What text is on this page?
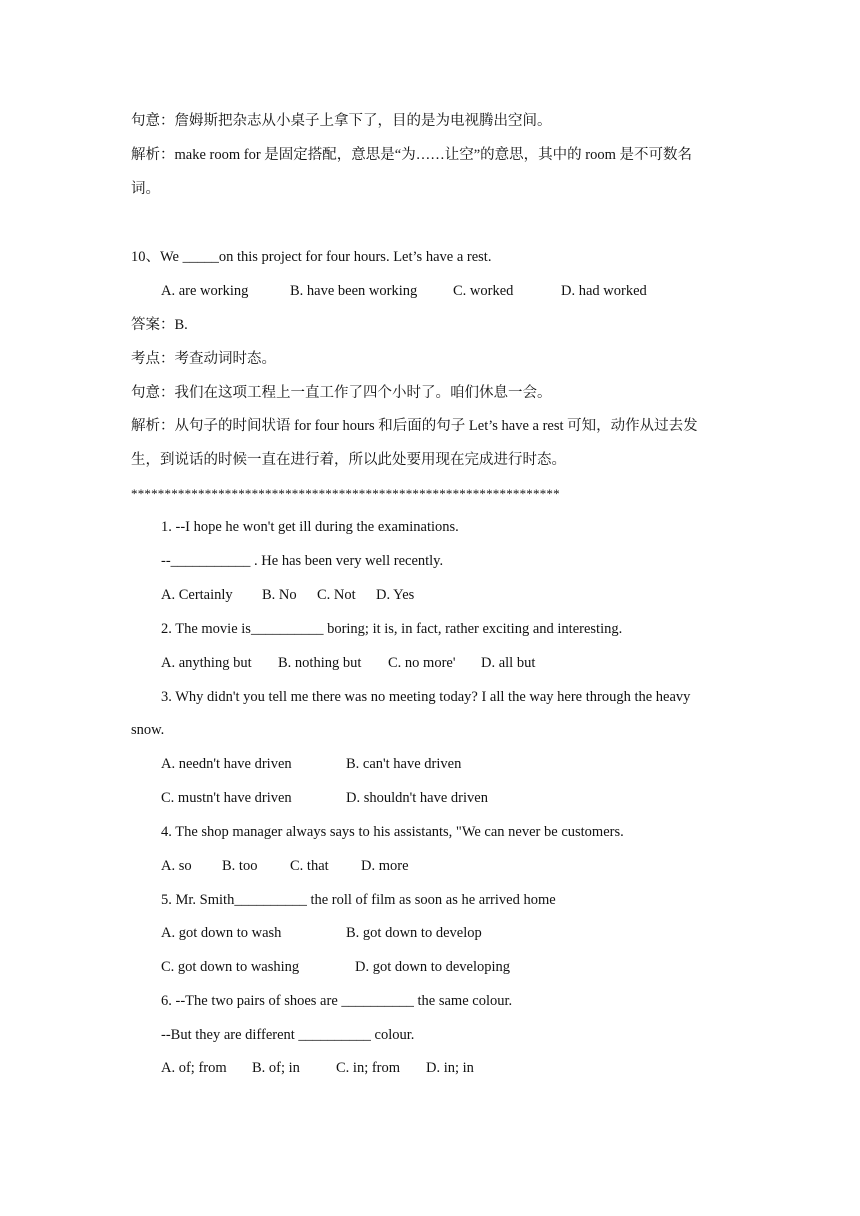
句意：詹姆斯把杂志从小桌子上拿下了，目的是为电视腾出空间。
解析：make room for 是固定搭配，意思是“为……让空”的意思，其中的 room 是不可数名
词。
10、We _____on this project for four hours. Let’s have a rest.
A. are working	B. have been working C. worked	D. had worked
答案：B.
考点：考查动词时态。
句意：我们在这项工程上一直工作了四个小时了。咱们休息一会。
解析：从句子的时间状语 for four hours 和后面的句子 Let’s have a rest 可知，动作从过去发
生，到说话的时候一直在进行着，所以此处要用现在完成进行时态。
****************************************************************
1. --I hope he won't get ill during the examinations.
--___________ . He has been very well recently.
A. Certainly B. No C. Not D. Yes
2. The movie is__________ boring; it is, in fact, rather exciting and interesting.
A. anything but B. nothing but C. no more' D. all but
3. Why didn't you tell me there was no meeting today? I all the way here through the heavy
snow.
A. needn't have driven	B. can't have driven
C. mustn't have driven	D. shouldn't have driven
4. The shop manager always says to his assistants, "We can never be customers.
A. so B. too C. that D. more
5. Mr. Smith__________ the roll of film as soon as he arrived home
A. got down to wash	B. got down to develop
C. got down to washing	D. got down to developing
6. --The two pairs of shoes are __________ the same colour.
--But they are different __________ colour.
A. of; from B. of; in C. in; from D. in; in
